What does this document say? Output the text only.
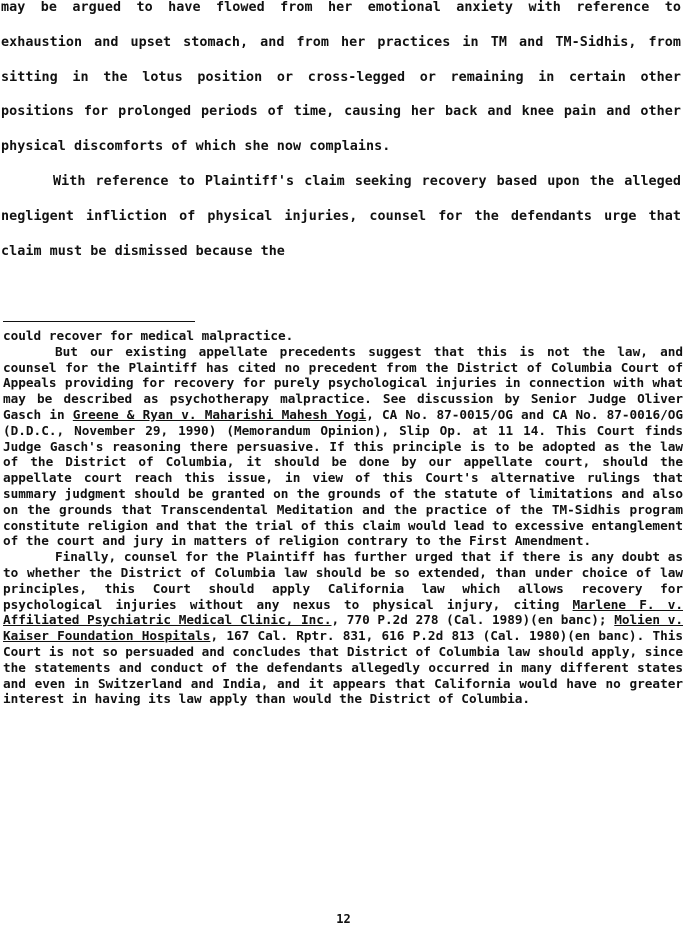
may be argued to have flowed from her emotional anxiety with reference to exhaustion and upset stomach, and from her practices in TM and TM-Sidhis, from sitting in the lotus position or cross-legged or remaining in certain other positions for prolonged periods of time, causing her back and knee pain and other physical discomforts of which she now complains.

With reference to Plaintiff's claim seeking recovery based upon the alleged negligent infliction of physical injuries, counsel for the defendants urge that claim must be dismissed because the

could recover for medical malpractice.

But our existing appellate precedents suggest that this is not the law, and counsel for the Plaintiff has cited no precedent from the District of Columbia Court of Appeals providing for recovery for purely psychological injuries in connection with what may be described as psychotherapy malpractice. See discussion by Senior Judge Oliver Gasch in Greene & Ryan v. Maharishi Mahesh Yogi, CA No. 87-0015/OG and CA No. 87-0016/OG (D.D.C., November 29, 1990) (Memorandum Opinion), Slip Op. at 11 14. This Court finds Judge Gasch's reasoning there persuasive. If this principle is to be adopted as the law of the District of Columbia, it should be done by our appellate court, should the appellate court reach this issue, in view of this Court's alternative rulings that summary judgment should be granted on the grounds of the statute of limitations and also on the grounds that Transcendental Meditation and the practice of the TM-Sidhis program constitute religion and that the trial of this claim would lead to excessive entanglement of the court and jury in matters of religion contrary to the First Amendment.

Finally, counsel for the Plaintiff has further urged that if there is any doubt as to whether the District of Columbia law should be so extended, than under choice of law principles, this Court should apply California law which allows recovery for psychological injuries without any nexus to physical injury, citing Marlene F. v. Affiliated Psychiatric Medical Clinic, Inc., 770 P.2d 278 (Cal. 1989)(en banc); Molien v. Kaiser Foundation Hospitals, 167 Cal. Rptr. 831, 616 P.2d 813 (Cal. 1980)(en banc). This Court is not so persuaded and concludes that District of Columbia law should apply, since the statements and conduct of the defendants allegedly occurred in many different states and even in Switzerland and India, and it appears that California would have no greater interest in having its law apply than would the District of Columbia.

12
